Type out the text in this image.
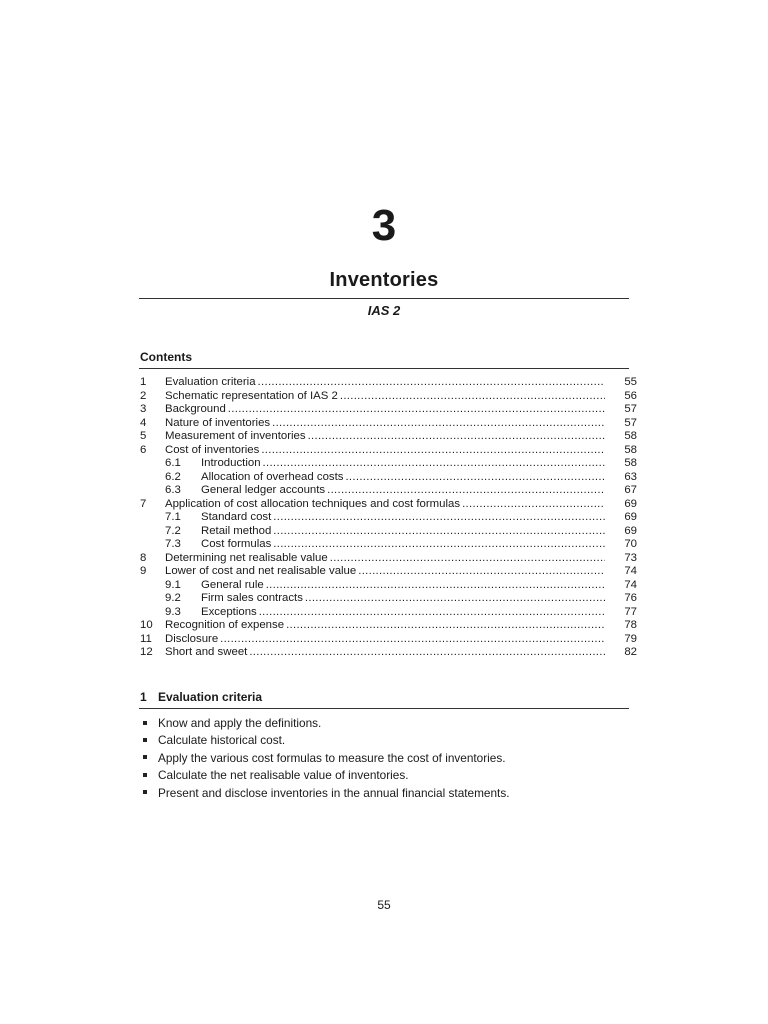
3
Inventories
IAS 2
Contents
1	Evaluation criteria .....	55
2	Schematic representation of IAS 2 .....	56
3	Background .....	57
4	Nature of inventories .....	57
5	Measurement of inventories .....	58
6	Cost of inventories .....	58
6.1	Introduction .....	58
6.2	Allocation of overhead costs .....	63
6.3	General ledger accounts .....	67
7	Application of cost allocation techniques and cost formulas .....	69
7.1	Standard cost .....	69
7.2	Retail method .....	69
7.3	Cost formulas .....	70
8	Determining net realisable value .....	73
9	Lower of cost and net realisable value .....	74
9.1	General rule .....	74
9.2	Firm sales contracts .....	76
9.3	Exceptions .....	77
10	Recognition of expense .....	78
11	Disclosure .....	79
12	Short and sweet .....	82
1 Evaluation criteria
Know and apply the definitions.
Calculate historical cost.
Apply the various cost formulas to measure the cost of inventories.
Calculate the net realisable value of inventories.
Present and disclose inventories in the annual financial statements.
55
